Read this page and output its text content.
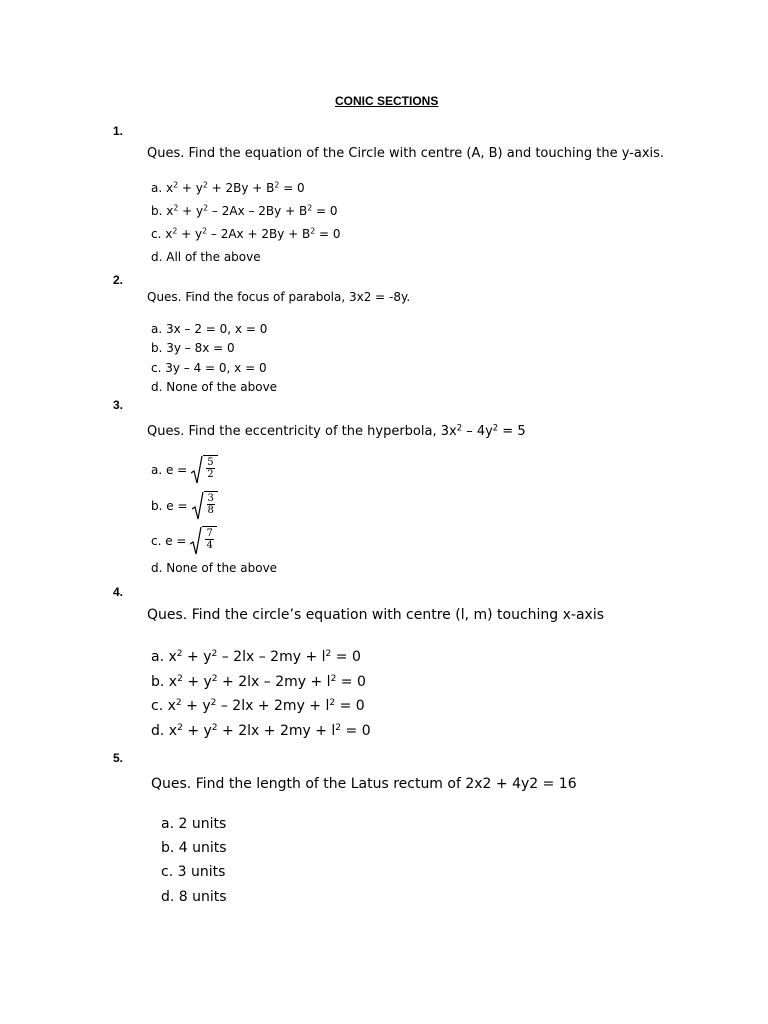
CONIC SECTIONS
1.
Ques. Find the equation of the Circle with centre (A, B) and touching the y-axis.
a. $x^2 + y^2 + 2By + B^2 = 0$
b. $x^2 + y^2 - 2Ax - 2By + B^2 = 0$
c. $x^2 + y^2 - 2Ax + 2By + B^2 = 0$
d. All of the above
2.
Ques. Find the focus of parabola, 3x2 = -8y.
a. 3x – 2 = 0, x = 0
b. 3y – 8x = 0
c. 3y – 4 = 0, x = 0
d. None of the above
3.
Ques. Find the eccentricity of the hyperbola, $3x^2 - 4y^2 = 5$
a. $e = \frac{5}{2}$
b. $e = \frac{3}{8}$
c. $e = \frac{7}{4}$
d. None of the above
4.
Ques. Find the circle’s equation with centre (l, m) touching x-axis
a. $x^2 + y^2 - 2lx - 2my + l^2 = 0$
b. $x^2 + y^2 + 2lx - 2my + l^2 = 0$
c. $x^2 + y^2 - 2lx + 2my + l^2 = 0$
d. $x^2 + y^2 + 2lx + 2my + l^2 = 0$
5.
Ques. Find the length of the Latus rectum of 2x2 + 4y2 = 16
a. 2 units
b. 4 units
c. 3 units
d. 8 units
